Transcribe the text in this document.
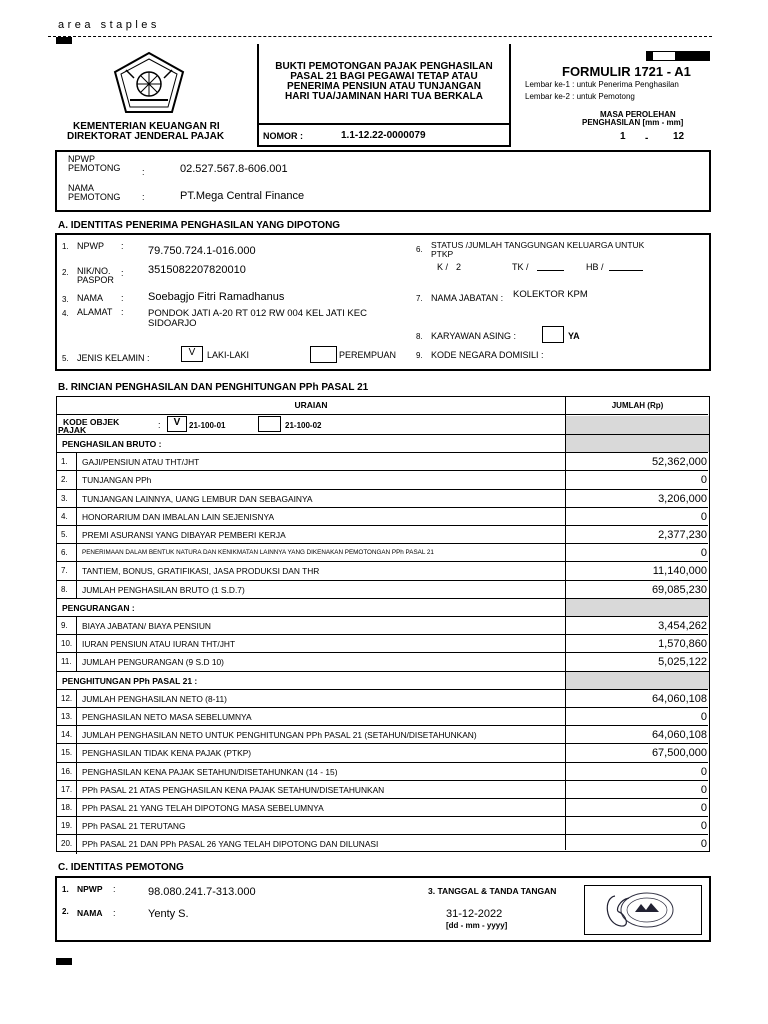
area staples
KEMENTERIAN KEUANGAN RI
DIREKTORAT JENDERAL PAJAK
BUKTI PEMOTONGAN PAJAK PENGHASILAN
PASAL 21 BAGI PEGAWAI TETAP ATAU
PENERIMA PENSIUN ATAU TUNJANGAN
HARI TUA/JAMINAN HARI TUA BERKALA
NOMOR :	1.1-12.22-0000079
FORMULIR 1721 - A1
Lembar ke-1 : untuk Penerima Penghasilan
Lembar ke-2 : untuk Pemotong
MASA PEROLEHAN
PENGHASILAN [mm - mm]
1 - 12
NPWP
PEMOTONG :	02.527.567.8-606.001
NAMA
PEMOTONG :	PT.Mega Central Finance
A. IDENTITAS PENERIMA PENGHASILAN YANG DIPOTONG
1. NPWP : 79.750.724.1-016.000
2. NIK/NO.
PASPOR
: 3515082207820010
3. NAMA : Soebagjo Fitri Ramadhanus
4. ALAMAT :	PONDOK JATI A-20 RT 012 RW 004 KEL JATI KEC
SIDOARJO
5. JENIS KELAMIN :	V	LAKI-LAKI	PEREMPUAN
6. STATUS /JUMLAH TANGGUNGAN KELUARGA UNTUK
PTKP
K / 2	TK /	HB /
7. NAMA JABATAN : KOLEKTOR KPM
8. KARYAWAN ASING :	YA
9. KODE NEGARA DOMISILI :
B. RINCIAN PENGHASILAN DAN PENGHITUNGAN PPh PASAL 21
URAIAN	JUMLAH (Rp)
KODE OBJEK
PAJAK	:	V	21-100-01	21-100-02
PENGHASILAN BRUTO :
1. GAJI/PENSIUN ATAU THT/JHT	52,362,000
2. TUNJANGAN PPh	0
3. TUNJANGAN LAINNYA, UANG LEMBUR DAN SEBAGAINYA	3,206,000
4. HONORARIUM DAN IMBALAN LAIN SEJENISNYA	0
5. PREMI ASURANSI YANG DIBAYAR PEMBERI KERJA	2,377,230
6. PENERIMAAN DALAM BENTUK NATURA DAN KENIKMATAN LAINNYA YANG DIKENAKAN PEMOTONGAN PPh PASAL 21	0
7. TANTIEM, BONUS, GRATIFIKASI, JASA PRODUKSI DAN THR	11,140,000
8. JUMLAH PENGHASILAN BRUTO (1 S.D.7)	69,085,230
PENGURANGAN :
9. BIAYA JABATAN/ BIAYA PENSIUN	3,454,262
10. IURAN PENSIUN ATAU IURAN THT/JHT	1,570,860
11. JUMLAH PENGURANGAN (9 S.D 10)	5,025,122
PENGHITUNGAN PPh PASAL 21 :
12. JUMLAH PENGHASILAN NETO (8-11)	64,060,108
13. PENGHASILAN NETO MASA SEBELUMNYA	0
14. JUMLAH PENGHASILAN NETO UNTUK PENGHITUNGAN PPh PASAL 21 (SETAHUN/DISETAHUNKAN)	64,060,108
15. PENGHASILAN TIDAK KENA PAJAK (PTKP)	67,500,000
16. PENGHASILAN KENA PAJAK SETAHUN/DISETAHUNKAN (14 - 15)	0
17. PPh PASAL 21 ATAS PENGHASILAN KENA PAJAK SETAHUN/DISETAHUNKAN	0
18. PPh PASAL 21 YANG TELAH DIPOTONG MASA SEBELUMNYA	0
19. PPh PASAL 21 TERUTANG	0
20. PPh PASAL 21 DAN PPh PASAL 26 YANG TELAH DIPOTONG DAN DILUNASI	0
C. IDENTITAS PEMOTONG
1. NPWP :	98.080.241.7-313.000
2. NAMA :	Yenty S.
3. TANGGAL & TANDA TANGAN
31-12-2022
[dd - mm - yyyy]
